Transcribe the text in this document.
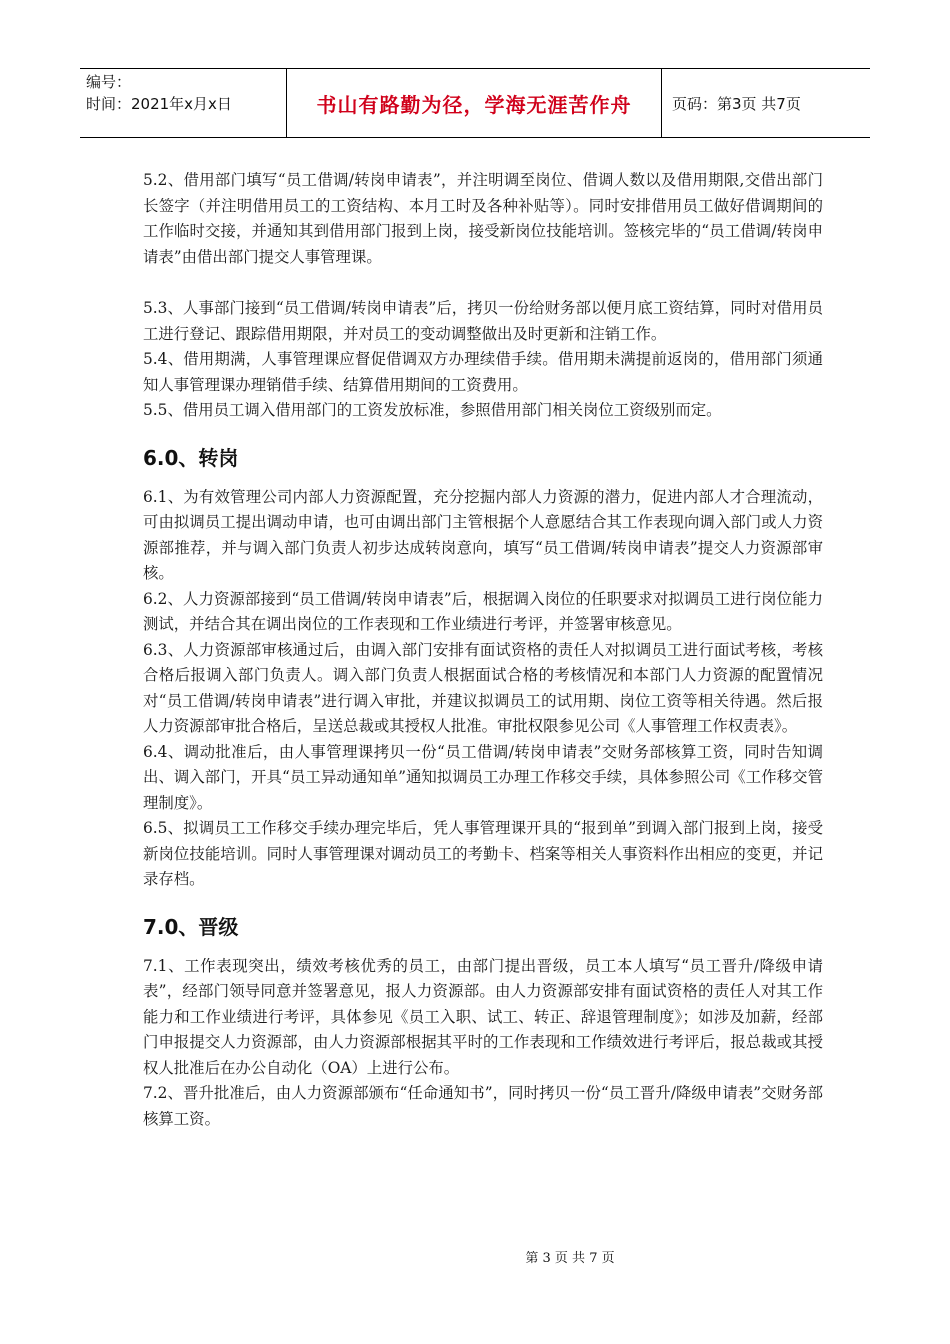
编号：
时间：2021年x月x日	书山有路勤为径，学海无涯苦作舟	页码：第3页 共7页

5.2、借用部门填写“员工借调/转岗申请表”，并注明调至岗位、借调人数以及借用期限,交借出部门长签字（并注明借用员工的工资结构、本月工时及各种补贴等）。同时安排借用员工做好借调期间的工作临时交接，并通知其到借用部门报到上岗，接受新岗位技能培训。签核完毕的“员工借调/转岗申请表”由借出部门提交人事管理课。

5.3、人事部门接到“员工借调/转岗申请表”后，拷贝一份给财务部以便月底工资结算，同时对借用员工进行登记、跟踪借用期限，并对员工的变动调整做出及时更新和注销工作。

5.4、借用期满，人事管理课应督促借调双方办理续借手续。借用期未满提前返岗的，借用部门须通知人事管理课办理销借手续、结算借用期间的工资费用。

5.5、借用员工调入借用部门的工资发放标准，参照借用部门相关岗位工资级别而定。

6.0、转岗

6.1、为有效管理公司内部人力资源配置，充分挖掘内部人力资源的潜力，促进内部人才合理流动，可由拟调员工提出调动申请，也可由调出部门主管根据个人意愿结合其工作表现向调入部门或人力资源部推荐，并与调入部门负责人初步达成转岗意向，填写“员工借调/转岗申请表”提交人力资源部审核。

6.2、人力资源部接到“员工借调/转岗申请表”后，根据调入岗位的任职要求对拟调员工进行岗位能力测试，并结合其在调出岗位的工作表现和工作业绩进行考评，并签署审核意见。

6.3、人力资源部审核通过后，由调入部门安排有面试资格的责任人对拟调员工进行面试考核，考核合格后报调入部门负责人。调入部门负责人根据面试合格的考核情况和本部门人力资源的配置情况对“员工借调/转岗申请表”进行调入审批，并建议拟调员工的试用期、岗位工资等相关待遇。然后报人力资源部审批合格后，呈送总裁或其授权人批准。审批权限参见公司《人事管理工作权责表》。

6.4、调动批准后，由人事管理课拷贝一份“员工借调/转岗申请表”交财务部核算工资，同时告知调出、调入部门，开具“员工异动通知单”通知拟调员工办理工作移交手续，具体参照公司《工作移交管理制度》。

6.5、拟调员工工作移交手续办理完毕后，凭人事管理课开具的“报到单”到调入部门报到上岗，接受新岗位技能培训。同时人事管理课对调动员工的考勤卡、档案等相关人事资料作出相应的变更，并记录存档。

7.0、晋级

7.1、工作表现突出，绩效考核优秀的员工，由部门提出晋级，员工本人填写“员工晋升/降级申请表”，经部门领导同意并签署意见，报人力资源部。由人力资源部安排有面试资格的责任人对其工作能力和工作业绩进行考评，具体参见《员工入职、试工、转正、辞退管理制度》；如涉及加薪，经部门申报提交人力资源部，由人力资源部根据其平时的工作表现和工作绩效进行考评后，报总裁或其授权人批准后在办公自动化（OA）上进行公布。

7.2、晋升批准后，由人力资源部颁布“任命通知书”，同时拷贝一份“员工晋升/降级申请表”交财务部核算工资。

第 3 页 共 7 页
